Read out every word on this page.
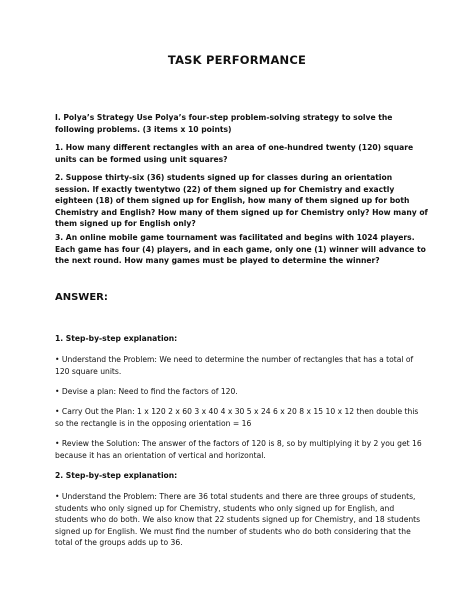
TASK PERFORMANCE

I. Polya’s Strategy Use Polya’s four-step problem-solving strategy to solve the following problems. (3 items x 10 points)

1. How many different rectangles with an area of one-hundred twenty (120) square units can be formed using unit squares?

2. Suppose thirty-six (36) students signed up for classes during an orientation session. If exactly twentytwo (22) of them signed up for Chemistry and exactly eighteen (18) of them signed up for English, how many of them signed up for both Chemistry and English? How many of them signed up for Chemistry only? How many of them signed up for English only?

3. An online mobile game tournament was facilitated and begins with 1024 players. Each game has four (4) players, and in each game, only one (1) winner will advance to the next round. How many games must be played to determine the winner?

ANSWER:

1. Step-by-step explanation:

• Understand the Problem: We need to determine the number of rectangles that has a total of 120 square units.

• Devise a plan: Need to find the factors of 120.

• Carry Out the Plan: 1 x 120 2 x 60 3 x 40 4 x 30 5 x 24 6 x 20 8 x 15 10 x 12 then double this so the rectangle is in the opposing orientation = 16

• Review the Solution: The answer of the factors of 120 is 8, so by multiplying it by 2 you get 16 because it has an orientation of vertical and horizontal.

2. Step-by-step explanation:

• Understand the Problem: There are 36 total students and there are three groups of students, students who only signed up for Chemistry, students who only signed up for English, and students who do both. We also know that 22 students signed up for Chemistry, and 18 students signed up for English. We must find the number of students who do both considering that the total of the groups adds up to 36.
